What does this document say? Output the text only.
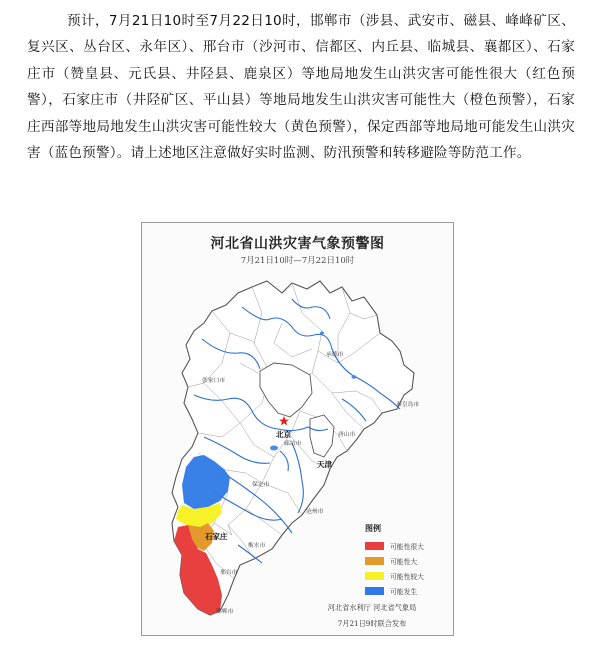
预计，7月21日10时至7月22日10时，邯郸市（涉县、武安市、磁县、峰峰矿区、复兴区、丛台区、永年区）、邢台市（沙河市、信都区、内丘县、临城县、襄都区）、石家庄市（赞皇县、元氏县、井陉县、鹿泉区）等地局地发生山洪灾害可能性很大（红色预警），石家庄市（井陉矿区、平山县）等地局地发生山洪灾害可能性大（橙色预警），石家庄西部等地局地发生山洪灾害可能性较大（黄色预警），保定西部等地局地可能发生山洪灾害（蓝色预警）。请上述地区注意做好实时监测、防汛预警和转移避险等防范工作。

河北省山洪灾害气象预警图
7月21日10时—7月22日10时
承德市
张家口市
秦皇岛市
北京
廊坊市
唐山市
天津
保定市
沧州市
石家庄
衡水市
邢台市
邯郸市
图例
可能性很大
可能性大
可能性较大
可能发生
河北省水利厅 河北省气象局
7月21日9时联合发布
